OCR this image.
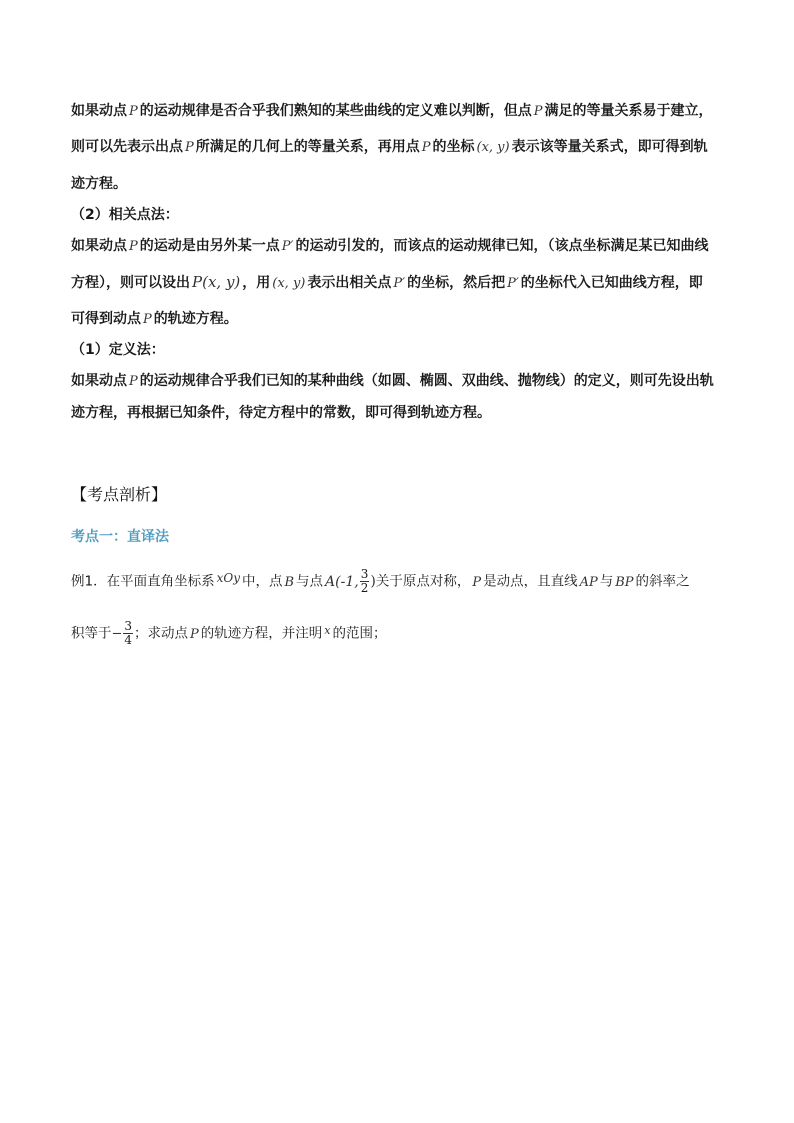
如果动点 P 的运动规律是否合乎我们熟知的某些曲线的定义难以判断，但点 P 满足的等量关系易于建立，
则可以先表示出点 P 所满足的几何上的等量关系，再用点 P 的坐标 (x, y) 表示该等量关系式，即可得到轨
迹方程。
（2）相关点法：
如果动点 P 的运动是由另外某一点 P′ 的运动引发的，而该点的运动规律已知，（该点坐标满足某已知曲线
方程），则可以设出 P(x, y) ，用 (x, y) 表示出相关点 P′ 的坐标，然后把 P′ 的坐标代入已知曲线方程，即
可得到动点 P 的轨迹方程。
（1）定义法：
如果动点 P 的运动规律合乎我们已知的某种曲线（如圆、椭圆、双曲线、抛物线）的定义，则可先设出轨
迹方程，再根据已知条件，待定方程中的常数，即可得到轨迹方程。
【考点剖析】
考点一：直译法
例1．在平面直角坐标系 xOy 中，点 B 与点 A(-1, $\frac{3}{2}$ )关于原点对称， P 是动点，且直线 AP 与 BP 的斜率之
积等于− $\frac{3}{4}$ ；求动点 P 的轨迹方程，并注明 $^x$ 的范围；
